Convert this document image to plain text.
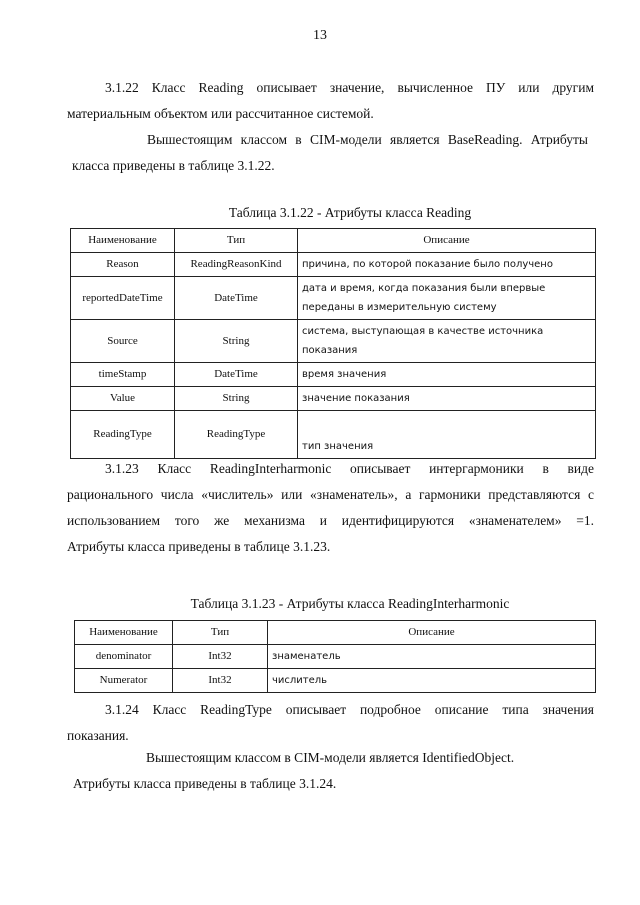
13
3.1.22 Класс Reading описывает значение, вычисленное ПУ или другим
материальным объектом или рассчитанное системой.
Вышестоящим классом в CIM-модели является BaseReading. Атрибуты
класса приведены в таблице 3.1.22.
Таблица 3.1.22 - Атрибуты класса Reading
Наименование	Тип	Описание
Reason	ReadingReasonKind	причина, по которой показание было получено
reportedDateTime	DateTime	дата и время, когда показания были впервые переданы в измерительную систему
Source	String	система, выступающая в качестве источника показания
timeStamp	DateTime	время значения
Value	String	значение показания
ReadingType	ReadingType	тип значения
3.1.23 Класс ReadingInterharmonic описывает интергармоники в виде
рационального числа «числитель» или «знаменатель», а гармоники представляются с
использованием того же механизма и идентифицируются «знаменателем» =1.
Атрибуты класса приведены в таблице 3.1.23.
Таблица 3.1.23 - Атрибуты класса ReadingInterharmonic
Наименование	Тип	Описание
denominator	Int32	знаменатель
Numerator	Int32	числитель
3.1.24 Класс ReadingType описывает подробное описание типа значения
показания.
Вышестоящим классом в CIM-модели является IdentifiedObject.
Атрибуты класса приведены в таблице 3.1.24.
